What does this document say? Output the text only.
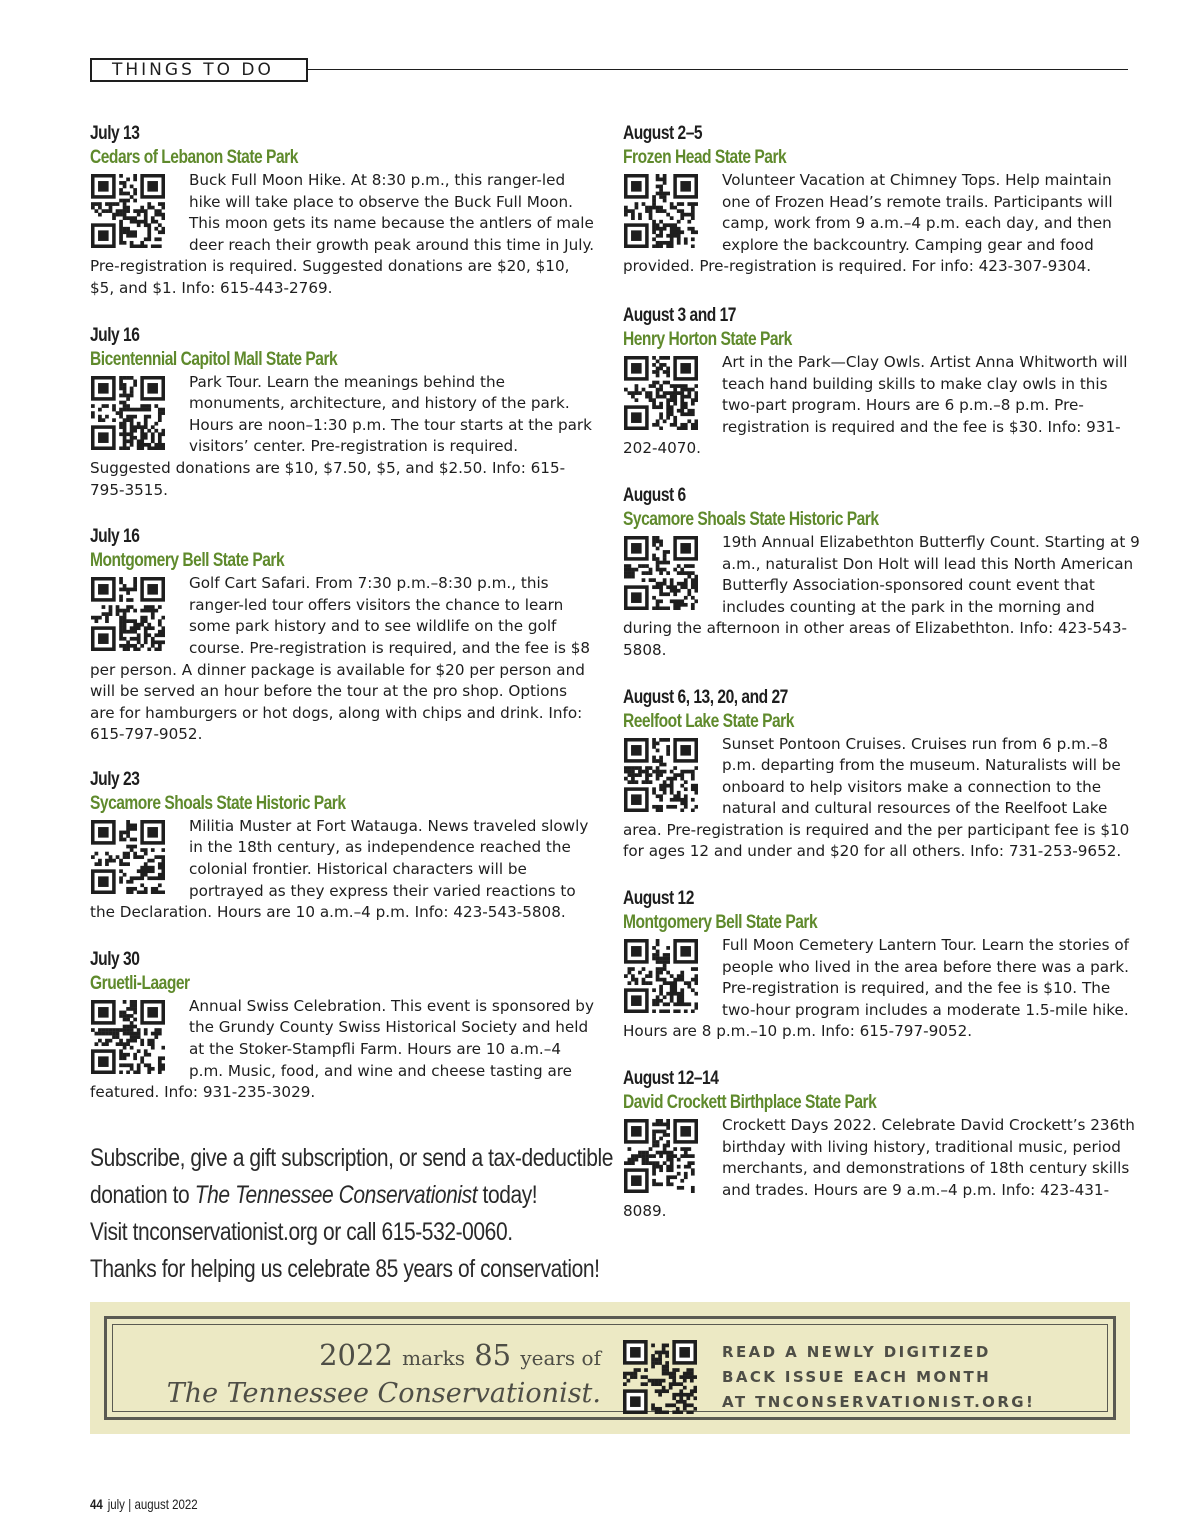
THINGS TO DO
July 13
Cedars of Lebanon State Park

Buck Full Moon Hike. At 8:30 p.m., this ranger-led hike will take place to observe the Buck Full Moon. This moon gets its name because the antlers of male deer reach their growth peak around this time in July. Pre-registration is required. Suggested donations are $20, $10, $5, and $1. Info: 615-443-2769.

July 16
Bicentennial Capitol Mall State Park

Park Tour. Learn the meanings behind the monuments, architecture, and history of the park. Hours are noon–1:30 p.m. The tour starts at the park visitors’ center. Pre-registration is required. Suggested donations are $10, $7.50, $5, and $2.50. Info: 615-795-3515.

July 16
Montgomery Bell State Park

Golf Cart Safari. From 7:30 p.m.–8:30 p.m., this ranger-led tour offers visitors the chance to learn some park history and to see wildlife on the golf course. Pre-registration is required, and the fee is $8 per person. A dinner package is available for $20 per person and will be served an hour before the tour at the pro shop. Options are for hamburgers or hot dogs, along with chips and drink. Info: 615-797-9052.

July 23
Sycamore Shoals State Historic Park

Militia Muster at Fort Watauga. News traveled slowly in the 18th century, as independence reached the colonial frontier. Historical characters will be portrayed as they express their varied reactions to the Declaration. Hours are 10 a.m.–4 p.m. Info: 423-543-5808.

July 30
Gruetli-Laager

Annual Swiss Celebration. This event is sponsored by the Grundy County Swiss Historical Society and held at the Stoker-Stampfli Farm. Hours are 10 a.m.–4 p.m. Music, food, and wine and cheese tasting are featured. Info: 931-235-3029.

August 2–5
Frozen Head State Park

Volunteer Vacation at Chimney Tops. Help maintain one of Frozen Head’s remote trails. Participants will camp, work from 9 a.m.–4 p.m. each day, and then explore the backcountry. Camping gear and food provided. Pre-registration is required. For info: 423-307-9304.

August 3 and 17
Henry Horton State Park

Art in the Park—Clay Owls. Artist Anna Whitworth will teach hand building skills to make clay owls in this two-part program. Hours are 6 p.m.–8 p.m. Pre-registration is required and the fee is $30. Info: 931-202-4070.

August 6
Sycamore Shoals State Historic Park

19th Annual Elizabethton Butterfly Count. Starting at 9 a.m., naturalist Don Holt will lead this North American Butterfly Association-sponsored count event that includes counting at the park in the morning and during the afternoon in other areas of Elizabethton. Info: 423-543-5808.

August 6, 13, 20, and 27
Reelfoot Lake State Park

Sunset Pontoon Cruises. Cruises run from 6 p.m.–8 p.m. departing from the museum. Naturalists will be onboard to help visitors make a connection to the natural and cultural resources of the Reelfoot Lake area. Pre-registration is required and the per participant fee is $10 for ages 12 and under and $20 for all others. Info: 731-253-9652.

August 12
Montgomery Bell State Park

Full Moon Cemetery Lantern Tour. Learn the stories of people who lived in the area before there was a park. Pre-registration is required, and the fee is $10. The two-hour program includes a moderate 1.5-mile hike. Hours are 8 p.m.–10 p.m. Info: 615-797-9052.

August 12–14
David Crockett Birthplace State Park

Crockett Days 2022. Celebrate David Crockett’s 236th birthday with living history, traditional music, period merchants, and demonstrations of 18th century skills and trades. Hours are 9 a.m.–4 p.m. Info: 423-431-8089.

Subscribe, give a gift subscription, or send a tax-deductible
donation to The Tennessee Conservationist today!
Visit tnconservationist.org or call 615-532-0060.
Thanks for helping us celebrate 85 years of conservation!
2022 marks 85 years of
The Tennessee Conservationist.
READ A NEWLY DIGITIZED
BACK ISSUE EACH MONTH
AT TNCONSERVATIONIST.ORG!
44 july | august 2022
